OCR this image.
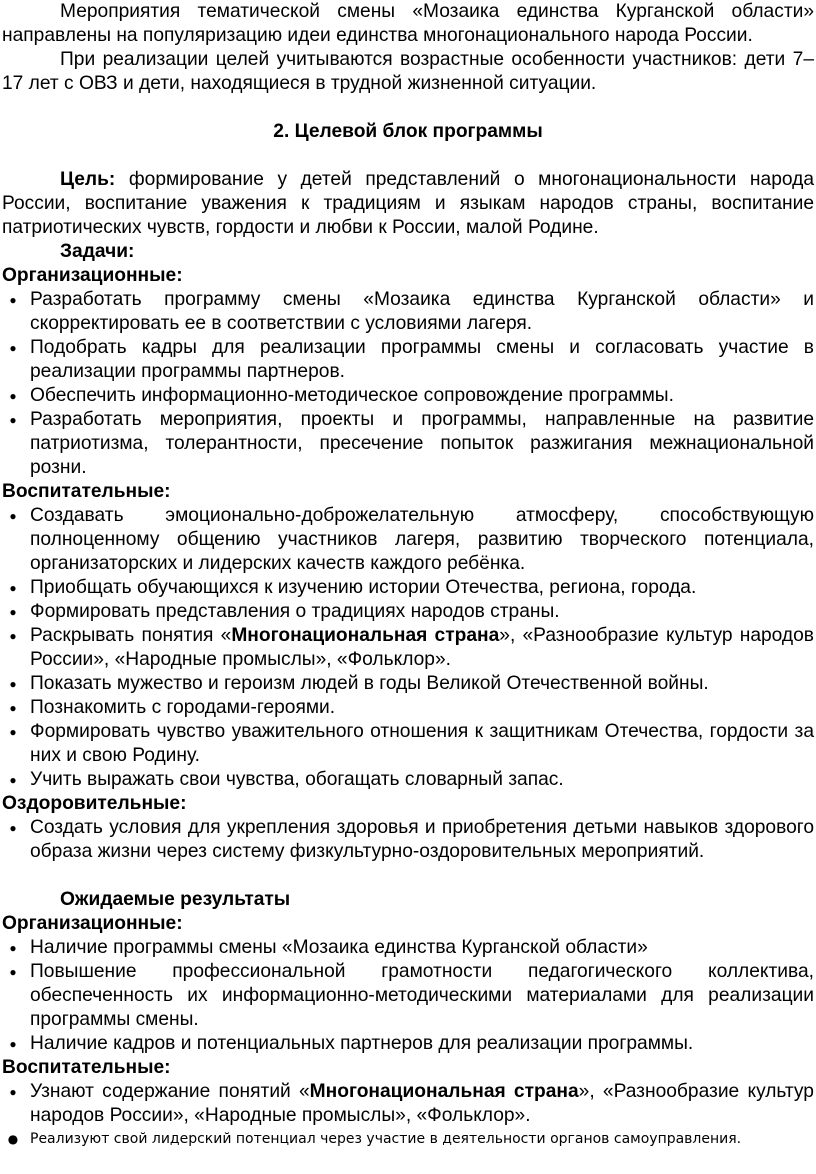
Мероприятия тематической смены «Мозаика единства Курганской области» направлены на популяризацию идеи единства многонационального народа России.

При реализации целей учитываются возрастные особенности участников: дети 7–17 лет с ОВЗ и дети, находящиеся в трудной жизненной ситуации.

2. Целевой блок программы

Цель: формирование у детей представлений о многонациональности народа России, воспитание уважения к традициям и языкам народов страны, воспитание патриотических чувств, гордости и любви к России, малой Родине.

Задачи:

Организационные:

● Разработать программу смены «Мозаика единства Курганской области» и скорректировать ее в соответствии с условиями лагеря.
● Подобрать кадры для реализации программы смены и согласовать участие в реализации программы партнеров.
● Обеспечить информационно-методическое сопровождение программы.
● Разработать мероприятия, проекты и программы, направленные на развитие патриотизма, толерантности, пресечение попыток разжигания межнациональной розни.

Воспитательные:

● Создавать эмоционально-доброжелательную атмосферу, способствующую полноценному общению участников лагеря, развитию творческого потенциала, организаторских и лидерских качеств каждого ребёнка.
● Приобщать обучающихся к изучению истории Отечества, региона, города.
● Формировать представления о традициях народов страны.
● Раскрывать понятия «Многонациональная страна», «Разнообразие культур народов России», «Народные промыслы», «Фольклор».
● Показать мужество и героизм людей в годы Великой Отечественной войны.
● Познакомить с городами-героями.
● Формировать чувство уважительного отношения к защитникам Отечества, гордости за них и свою Родину.
● Учить выражать свои чувства, обогащать словарный запас.

Оздоровительные:

● Создать условия для укрепления здоровья и приобретения детьми навыков здорового образа жизни через систему физкультурно-оздоровительных мероприятий.

Ожидаемые результаты

Организационные:

● Наличие программы смены «Мозаика единства Курганской области»
● Повышение профессиональной грамотности педагогического коллектива, обеспеченность их информационно-методическими материалами для реализации программы смены.
● Наличие кадров и потенциальных партнеров для реализации программы.

Воспитательные:

● Узнают содержание понятий «Многонациональная страна», «Разнообразие культур народов России», «Народные промыслы», «Фольклор».
● Реализуют свой лидерский потенциал через участие в деятельности органов самоуправления.
